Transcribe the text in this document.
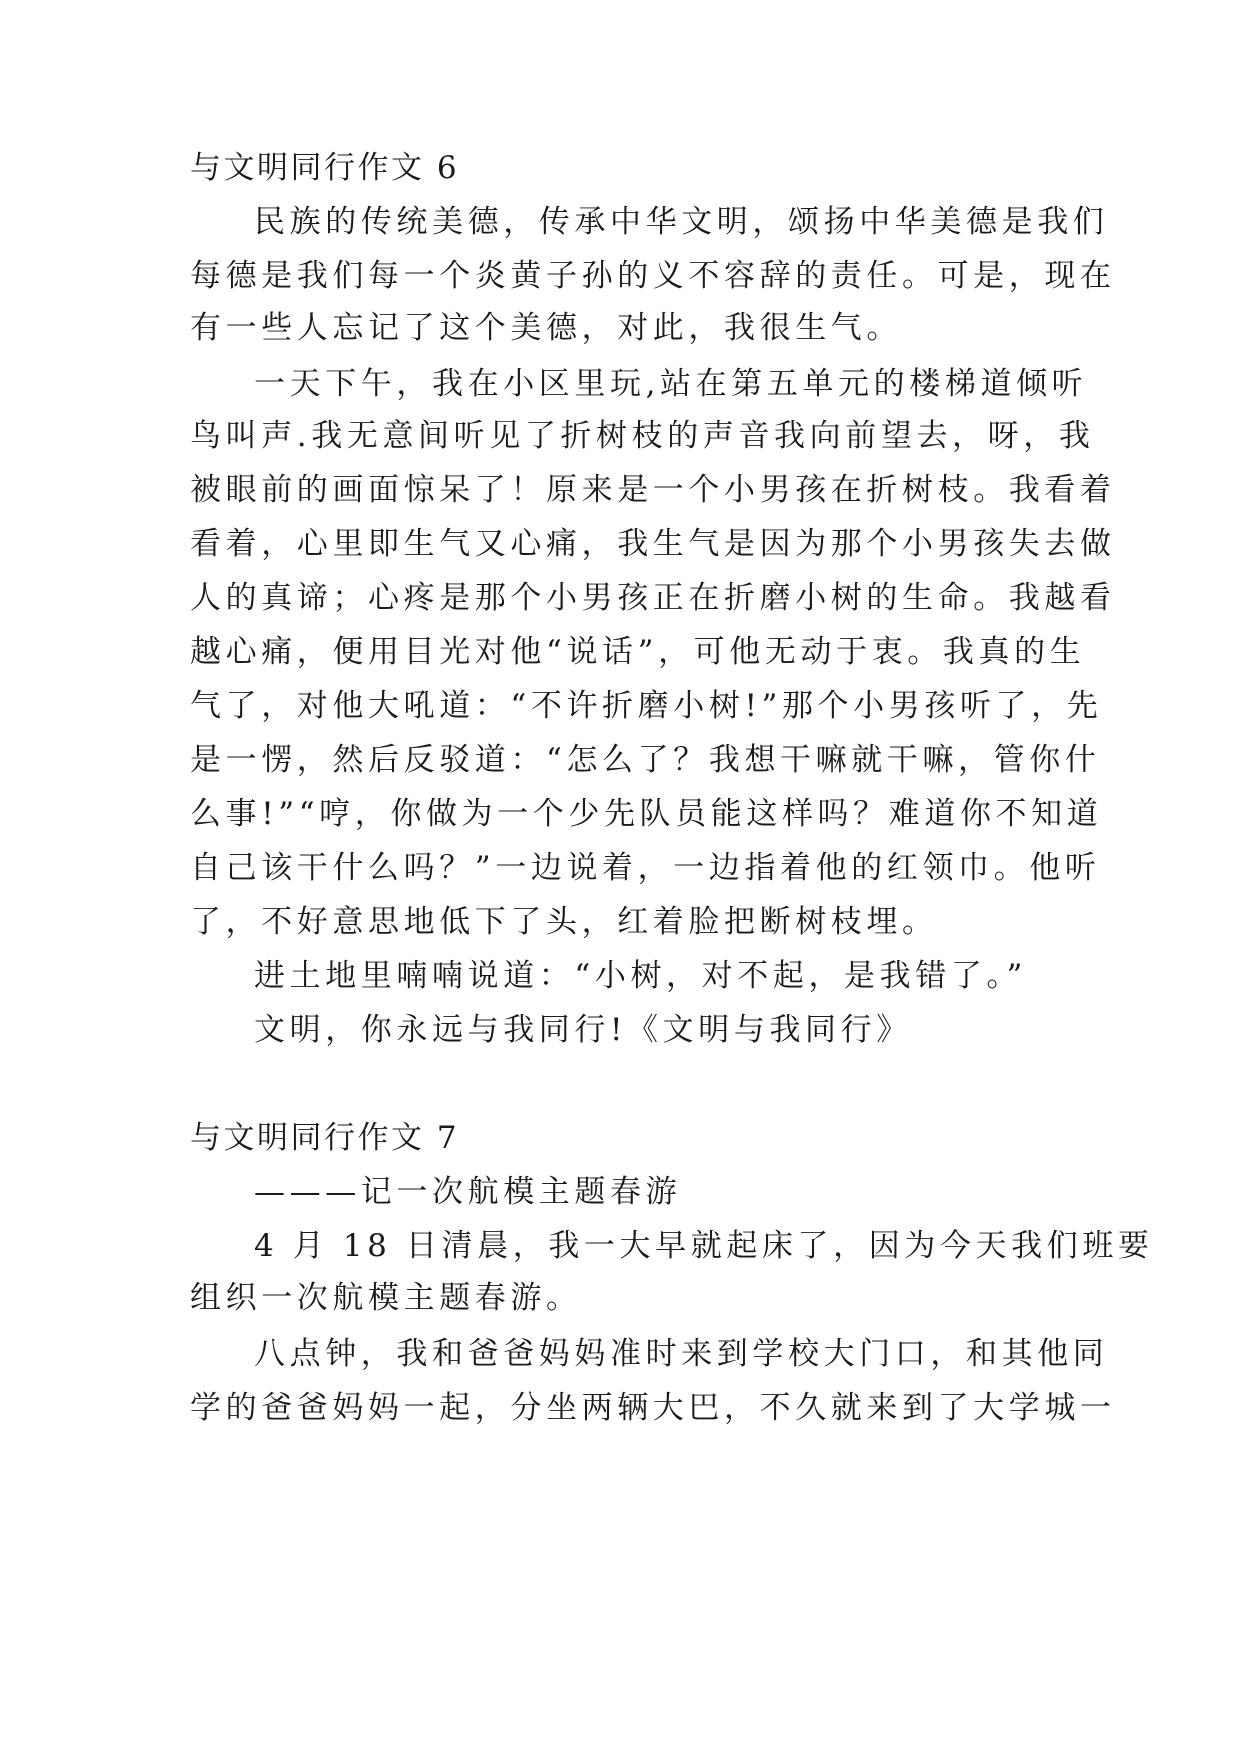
与文明同行作文 6
民族的传统美德，传承中华文明，颂扬中华美德是我们
每德是我们每一个炎黄子孙的义不容辞的责任。可是，现在
有一些人忘记了这个美德，对此，我很生气。
一天下午，我在小区里玩,站在第五单元的楼梯道倾听
鸟叫声.我无意间听见了折树枝的声音我向前望去，呀，我
被眼前的画面惊呆了！原来是一个小男孩在折树枝。我看着
看着，心里即生气又心痛，我生气是因为那个小男孩失去做
人的真谛；心疼是那个小男孩正在折磨小树的生命。我越看
越心痛，便用目光对他“说话”，可他无动于衷。我真的生
气了，对他大吼道：“不许折磨小树!”那个小男孩听了，先
是一愣，然后反驳道：“怎么了？我想干嘛就干嘛，管你什
么事!”“哼，你做为一个少先队员能这样吗？难道你不知道
自己该干什么吗？”一边说着，一边指着他的红领巾。他听
了，不好意思地低下了头，红着脸把断树枝埋。
进土地里喃喃说道：“小树，对不起，是我错了。”
文明，你永远与我同行!《文明与我同行》
与文明同行作文 7
———记一次航模主题春游
4 月 18 日清晨，我一大早就起床了，因为今天我们班要
组织一次航模主题春游。
八点钟，我和爸爸妈妈准时来到学校大门口，和其他同
学的爸爸妈妈一起，分坐两辆大巴，不久就来到了大学城一
